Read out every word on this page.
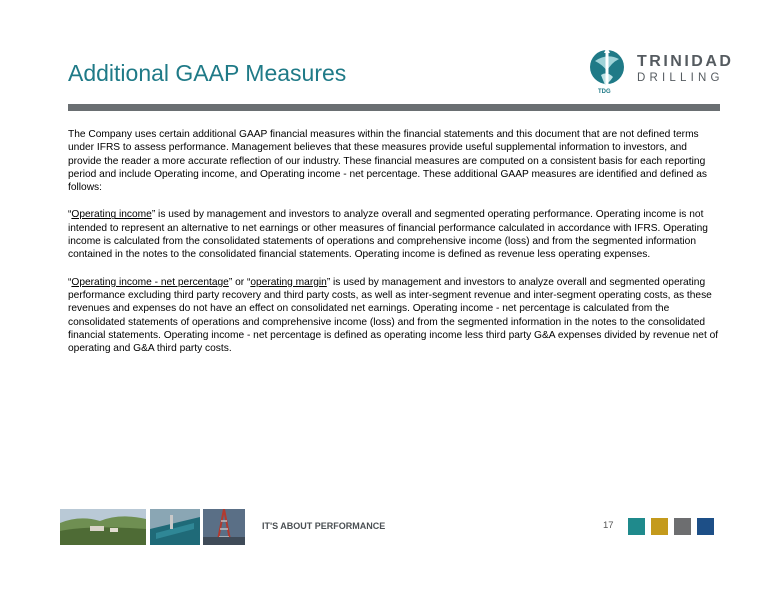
Additional GAAP Measures
TDG
TRINIDAD
DRILLING

The Company uses certain additional GAAP financial measures within the financial statements and this document that are not defined terms under IFRS to assess performance. Management believes that these measures provide useful supplemental information to investors, and provide the reader a more accurate reflection of our industry. These financial measures are computed on a consistent basis for each reporting period and include Operating income, and Operating income - net percentage. These additional GAAP measures are identified and defined as follows:

“Operating income” is used by management and investors to analyze overall and segmented operating performance. Operating income is not intended to represent an alternative to net earnings or other measures of financial performance calculated in accordance with IFRS. Operating income is calculated from the consolidated statements of operations and comprehensive income (loss) and from the segmented information contained in the notes to the consolidated financial statements. Operating income is defined as revenue less operating expenses.

“Operating income - net percentage” or “operating margin” is used by management and investors to analyze overall and segmented operating performance excluding third party recovery and third party costs, as well as inter-segment revenue and inter-segment operating costs, as these revenues and expenses do not have an effect on consolidated net earnings. Operating income - net percentage is calculated from the consolidated statements of operations and comprehensive income (loss) and from the segmented information in the notes to the consolidated financial statements. Operating income - net percentage is defined as operating income less third party G&A expenses divided by revenue net of operating and G&A third party costs.

IT'S ABOUT PERFORMANCE	17
